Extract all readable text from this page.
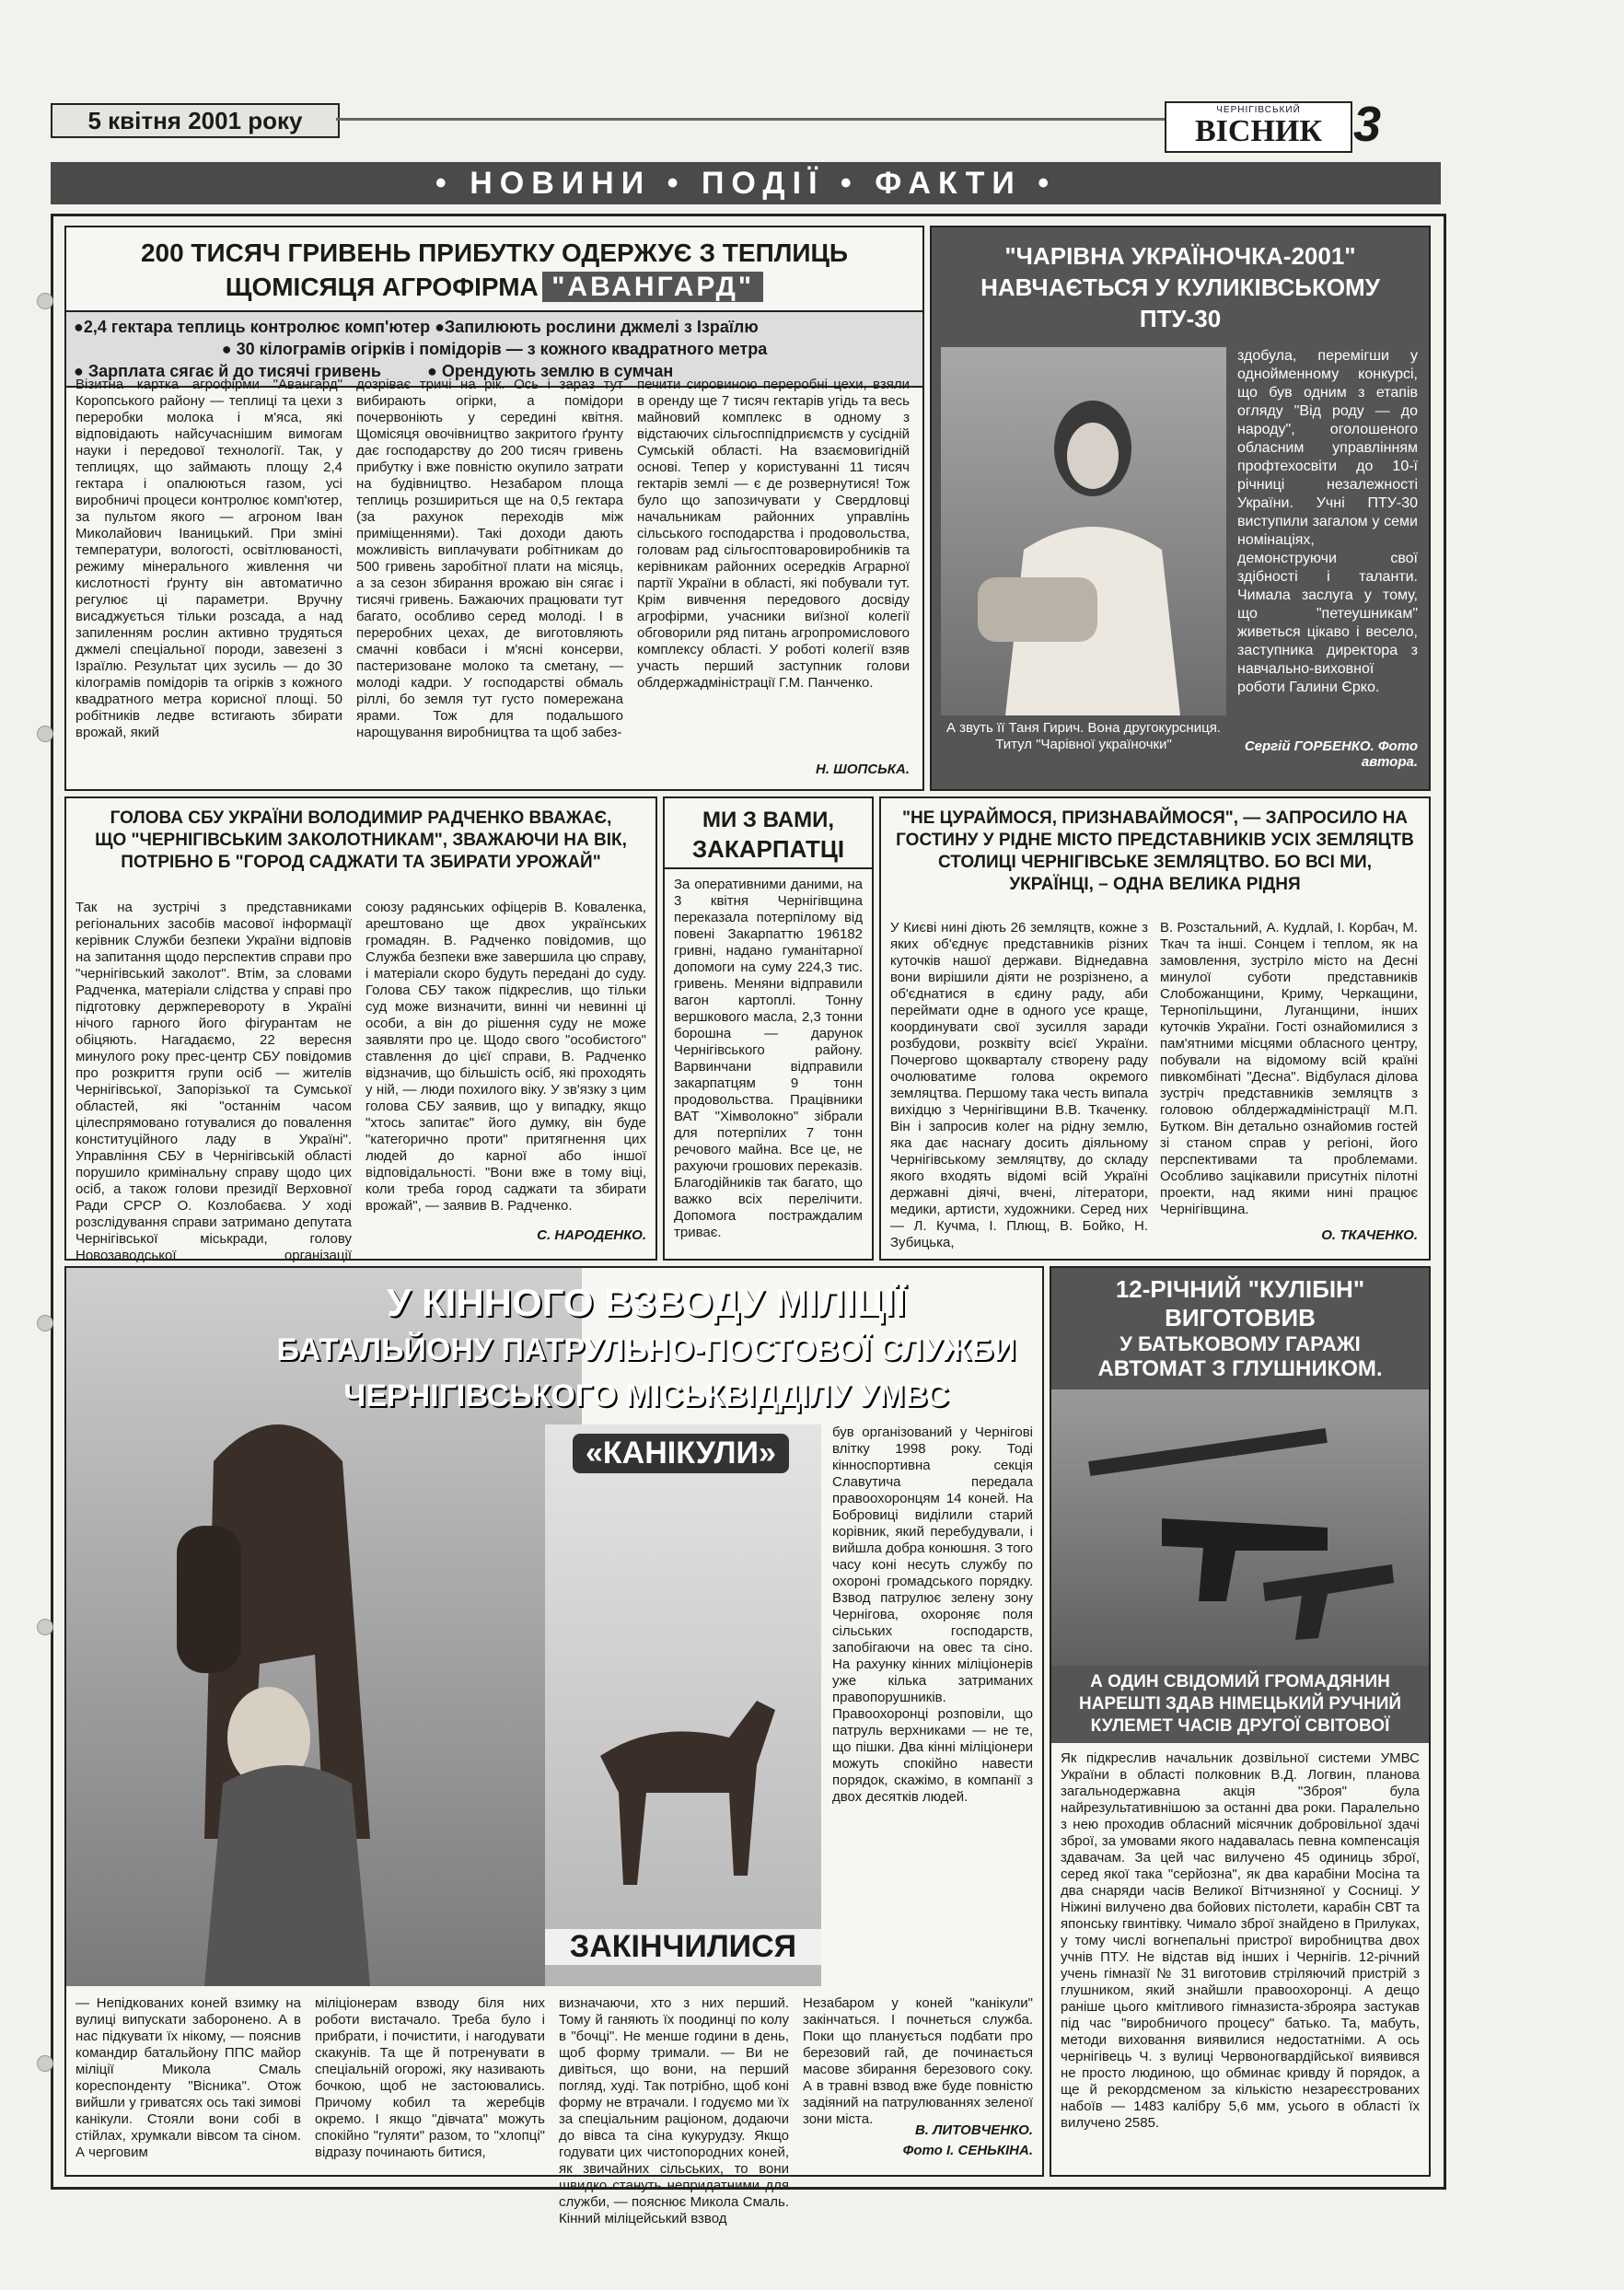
5 квітня 2001 року	ЧЕРНІГІВСЬКИЙ
ВІСНИК 3
• НОВИНИ • ПОДІЇ • ФАКТИ •
200 ТИСЯЧ ГРИВЕНЬ ПРИБУТКУ ОДЕРЖУЄ З ТЕПЛИЦЬ
ЩОМІСЯЦЯ АГРОФІРМА "АВАНГАРД"
●2,4 гектара теплиць контролює комп'ютер ●Запилюють рослини джмелі з Ізраїлю
● 30 кілограмів огірків і помідорів — з кожного квадратного метра
● Зарплата сягає й до тисячі гривень          ● Орендують землю в сумчан
Візитна картка агрофірми "Авангард" Коропського району — теплиці та цехи з переробки молока і м'яса, які відповідають найсучаснішим вимогам науки і передової технології. Так, у теплицях, що займають площу 2,4 гектара і опалюються газом, усі виробничі процеси контролює комп'ютер, за пультом якого — агроном Іван Миколайович Іваницький. При зміні температури, вологості, освітлюваності, режиму мінерального живлення чи кислотності ґрунту він автоматично регулює ці параметри. Вручну висаджується тільки розсада, а над запиленням рослин активно трудяться джмелі спеціальної породи, завезені з Ізраїлю. Результат цих зусиль — до 30 кілограмів помідорів та огірків з кожного квадратного метра корисної площі. 50 робітників ледве встигають збирати врожай, який
дозріває тричі на рік. Ось і зараз тут вибирають огірки, а помідори почервоніють у середині квітня. Щомісяця овочівництво закритого ґрунту дає господарству до 200 тисяч гривень прибутку і вже повністю окупило затрати на будівництво. Незабаром площа теплиць розшириться ще на 0,5 гектара (за рахунок переходів між приміщеннями). Такі доходи дають можливість виплачувати робітникам до 500 гривень заробітної плати на місяць, а за сезон збирання врожаю він сягає і тисячі гривень. Бажаючих працювати тут багато, особливо серед молоді. І в переробних цехах, де виготовляють смачні ковбаси і м'ясні консерви, пастеризоване молоко та сметану, — молоді кадри. У господарстві обмаль ріллі, бо земля тут густо помережана ярами. Тож для подальшого нарощування виробництва та щоб забез-
печити сировиною переробні цехи, взяли в оренду ще 7 тисяч гектарів угідь та весь майновий комплекс в одному з відстаючих сільгосппідприємств у сусідній Сумській області. На взаємовигідній основі. Тепер у користуванні 11 тисяч гектарів землі — є де розвернутися! Тож було що запозичувати у Свердловці начальникам районних управлінь сільського господарства і продовольства, головам рад сільгосптоваровиробників та керівникам районних осередків Аграрної партії України в області, які побували тут. Крім вивчення передового досвіду агрофірми, учасники виїзної колегії обговорили ряд питань агропромислового комплексу області. У роботі колегії взяв участь перший заступник голови облдержадміністрації Г.М. Панченко.
Н. ШОПСЬКА.
"ЧАРІВНА УКРАЇНОЧКА-2001" НАВЧАЄТЬСЯ У КУЛИКІВСЬКОМУ ПТУ-30
А звуть її Таня Гирич. Вона другокурсниця. Титул "Чарівної україночки"
здобула, перемігши у однойменному конкурсі, що був одним з етапів огляду "Від роду — до народу", оголошеного обласним управлінням профтехосвіти до 10-ї річниці незалежності України. Учні ПТУ-30 виступили загалом у семи номінаціях, демонструючи свої здібності і таланти. Чимала заслуга у тому, що "петеушникам" живеться цікаво і весело, заступника директора з навчально-виховної роботи Галини Єрко.
Сергій ГОРБЕНКО. Фото автора.
ГОЛОВА СБУ УКРАЇНИ ВОЛОДИМИР РАДЧЕНКО ВВАЖАЄ, ЩО "ЧЕРНІГІВСЬКИМ ЗАКОЛОТНИКАМ", ЗВАЖАЮЧИ НА ВІК, ПОТРІБНО Б "ГОРОД САДЖАТИ ТА ЗБИРАТИ УРОЖАЙ"
Так на зустрічі з представниками регіональних засобів масової інформації керівник Служби безпеки України відповів на запитання щодо перспектив справи про "чернігівський заколот". Втім, за словами Радченка, матеріали слідства у справі про підготовку держперевороту в Україні нічого гарного його фігурантам не обіцяють. Нагадаємо, 22 вересня минулого року прес-центр СБУ повідомив про розкриття групи осіб — жителів Чернігівської, Запорізької та Сумської областей, які "останнім часом цілеспрямовано готувалися до повалення конституційного ладу в Україні". Управління СБУ в Чернігівській області порушило кримінальну справу щодо цих осіб, а також голови президії Верховної Ради СРСР О. Козлобаєва. У ході розслідування справи затримано депутата Чернігівської міськради, голову Новозаводської організації
союзу радянських офіцерів В. Коваленка, арештовано ще двох українських громадян. В. Радченко повідомив, що Служба безпеки вже завершила цю справу, і матеріали скоро будуть передані до суду. Голова СБУ також підкреслив, що тільки суд може визначити, винні чи невинні ці особи, а він до рішення суду не може заявляти про це. Щодо свого "особистого" ставлення до цієї справи, В. Радченко відзначив, що більшість осіб, які проходять у ній, — люди похилого віку. У зв'язку з цим голова СБУ заявив, що у випадку, якщо "хтось запитає" його думку, він буде "категорично проти" притягнення цих людей до карної або іншої відповідальності. "Вони вже в тому віці, коли треба город саджати та збирати врожай", — заявив В. Радченко.
С. НАРОДЕНКО.
МИ З ВАМИ,
ЗАКАРПАТЦІ
За оперативними даними, на 3 квітня Чернігівщина переказала потерпілому від повені Закарпаттю 196182 гривні, надано гуманітарної допомоги на суму 224,3 тис. гривень. Меняни відправили вагон картоплі. Тонну вершкового масла, 2,3 тонни борошна — дарунок Чернігівського району. Варвинчани відправили закарпатцям 9 тонн продовольства. Працівники ВАТ "Хімволокно" зібрали для потерпілих 7 тонн речового майна. Все це, не рахуючи грошових переказів. Благодійників так багато, що важко всіх перелічити. Допомога постраждалим триває.
"НЕ ЦУРАЙМОСЯ, ПРИЗНАВАЙМОСЯ", — ЗАПРОСИЛО НА ГОСТИНУ У РІДНЕ МІСТО ПРЕДСТАВНИКІВ УСІХ ЗЕМЛЯЦТВ СТОЛИЦІ ЧЕРНІГІВСЬКЕ ЗЕМЛЯЦТВО. БО ВСІ МИ, УКРАЇНЦІ, – ОДНА ВЕЛИКА РІДНЯ
У Києві нині діють 26 земляцтв, кожне з яких об'єднує представників різних куточків нашої держави. Віднедавна вони вирішили діяти не розрізнено, а об'єднатися в єдину раду, аби переймати одне в одного усе краще, координувати свої зусилля заради розбудови, розквіту всієї України. Почергово щокварталу створену раду очолюватиме голова окремого земляцтва. Першому така честь випала вихідцю з Чернігівщини В.В. Ткаченку. Він і запросив колег на рідну землю, яка дає наснагу досить діяльному Чернігівському земляцтву, до складу якого входять відомі всій Україні державні діячі, вчені, літератори, медики, артисти, художники. Серед них — Л. Кучма, І. Плющ, В. Бойко, Н. Зубицька,
В. Розстальний, А. Кудлай, І. Корбач, М. Ткач та інші. Сонцем і теплом, як на замовлення, зустріло місто на Десні минулої суботи представників Слобожанщини, Криму, Черкащини, Тернопільщини, Луганщини, інших куточків України. Гості ознайомилися з пам'ятними місцями обласного центру, побували на відомому всій країні пивкомбінаті "Десна". Відбулася ділова зустріч представників земляцтв з головою облдержадміністрації М.П. Бутком. Він детально ознайомив гостей зі станом справ у регіоні, його перспективами та проблемами. Особливо зацікавили присутніх пілотні проекти, над якими нині працює Чернігівщина.
О. ТКАЧЕНКО.
У КІННОГО ВЗВОДУ МІЛІЦІЇ
БАТАЛЬЙОНУ ПАТРУЛЬНО-ПОСТОВОЇ СЛУЖБИ
ЧЕРНІГІВСЬКОГО МІСЬКВІДДІЛУ УМВС
«КАНІКУЛИ»
ЗАКІНЧИЛИСЯ
був організований у Чернігові влітку 1998 року. Тоді кінноспортивна секція Славутича передала правоохоронцям 14 коней. На Бобровиці виділили старий корівник, який перебудували, і вийшла добра конюшня. З того часу коні несуть службу по охороні громадського порядку. Взвод патрулює зелену зону Чернігова, охороняє поля сільських господарств, запобігаючи на овес та сіно. На рахунку кінних міліціонерів уже кілька затриманих правопорушників. Правоохоронці розповіли, що патруль верхниками — не те, що пішки. Два кінні міліціонери можуть спокійно навести порядок, скажімо, в компанії з двох десятків людей.
— Непідкованих коней взимку на вулиці випускати заборонено. А в нас підкувати їх нікому, — пояснив командир батальйону ППС майор міліції Микола Смаль кореспонденту "Вісника". Отож вийшли у гриватсях ось такі зимові канікули. Стояли вони собі в стійлах, хрумкали вівсом та сіном. А черговим
міліціонерам взводу біля них роботи вистачало. Треба було і прибрати, і почистити, і нагодувати скакунів. Та ще й потренувати в спеціальній огорожі, яку називають бочкою, щоб не застоювались. Причому кобил та жеребців окремо. І якщо "дівчата" можуть спокійно "гуляти" разом, то "хлопці" відразу починають битися,
визначаючи, хто з них перший. Тому й ганяють їх поодинці по колу в "бочці". Не менше години в день, щоб форму тримали. — Ви не дивіться, що вони, на перший погляд, худі. Так потрібно, щоб коні форму не втрачали. І годуємо ми їх за спеціальним раціоном, додаючи до вівса та сіна кукурудзу. Якщо годувати цих чистопородних коней, як звичайних сільських, то вони швидко стануть непридатними для служби, — пояснює Микола Смаль. Кінний міліцейський взвод
Незабаром у коней "канікули" закінчаться. І почнеться служба. Поки що планується подбати про березовий гай, де починається масове збирання березового соку. А в травні взвод вже буде повністю задіяний на патрулюваннях зеленої зони міста.
В. ЛИТОВЧЕНКО.
Фото І. СЕНЬКІНА.
12-РІЧНИЙ "КУЛІБІН"
ВИГОТОВИВ
У БАТЬКОВОМУ ГАРАЖІ
АВТОМАТ З ГЛУШНИКОМ.
А ОДИН СВІДОМИЙ ГРОМАДЯНИН НАРЕШТІ ЗДАВ НІМЕЦЬКИЙ РУЧНИЙ КУЛЕМЕТ ЧАСІВ ДРУГОЇ СВІТОВОЇ
Як підкреслив начальник дозвільної системи УМВС України в області полковник В.Д. Логвин, планова загальнодержавна акція "Зброя" була найрезультативнішою за останні два роки. Паралельно з нею проходив обласний місячник добровільної здачі зброї, за умовами якого надавалась певна компенсація здавачам. За цей час вилучено 45 одиниць зброї, серед якої така "серйозна", як два карабіни Мосіна та два снаряди часів Великої Вітчизняної у Сосниці. У Ніжині вилучено два бойових пістолети, карабін СВТ та японську гвинтівку. Чимало зброї знайдено в Прилуках, у тому числі вогнепальні пристрої виробництва двох учнів ПТУ. Не відстав від інших і Чернігів. 12-річний учень гімназії № 31 виготовив стріляючий пристрій з глушником, який знайшли правоохоронці. А дещо раніше цього кмітливого гімназиста-зброяра застукав під час "виробничого процесу" батько. Та, мабуть, методи виховання виявилися недостатніми. А ось чернігівець Ч. з вулиці Червоногвардійської виявився не просто людиною, що обминає кривду й порядок, а ще й рекордсменом за кількістю незареєстрованих набоїв — 1483 калібру 5,6 мм, усього в області їх вилучено 2585.
